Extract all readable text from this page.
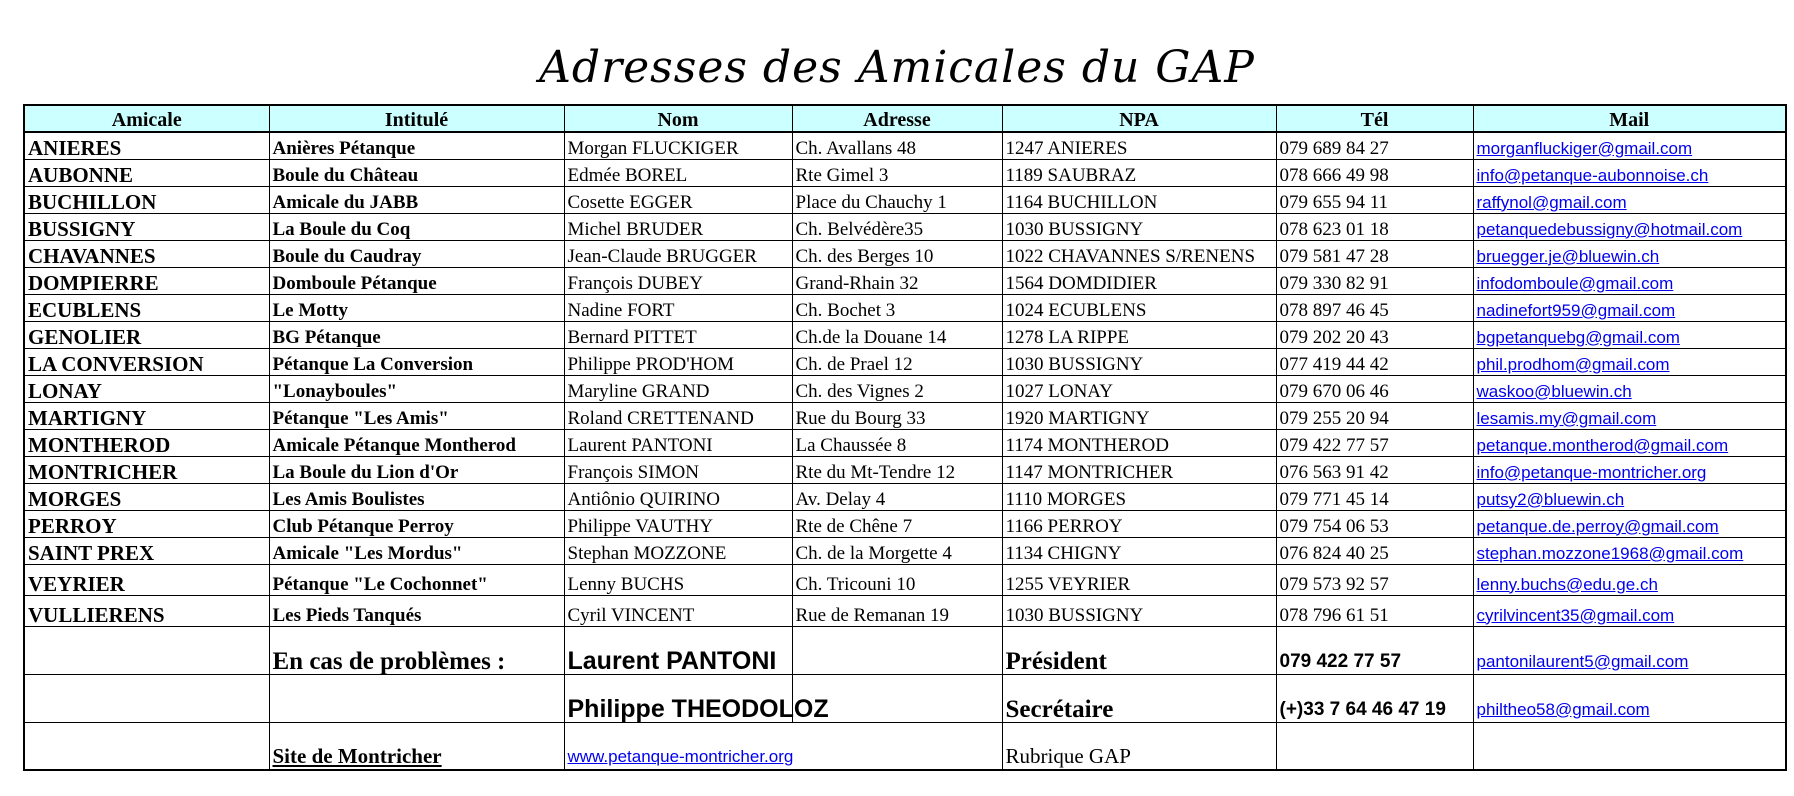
Adresses des Amicales du GAP
Amicale	Intitulé	Nom	Adresse	NPA	Tél	Mail
ANIERES	Anières Pétanque	Morgan FLUCKIGER	Ch. Avallans 48	1247 ANIERES	079 689 84 27	morganfluckiger@gmail.com
AUBONNE	Boule du Château	Edmée BOREL	Rte Gimel 3	1189 SAUBRAZ	078 666 49 98	info@petanque-aubonnoise.ch
BUCHILLON	Amicale du JABB	Cosette EGGER	Place du Chauchy 1	1164 BUCHILLON	079 655 94 11	raffynol@gmail.com
BUSSIGNY	La Boule du Coq	Michel BRUDER	Ch. Belvédère35	1030 BUSSIGNY	078 623 01 18	petanquedebussigny@hotmail.com
CHAVANNES	Boule du Caudray	Jean-Claude BRUGGER	Ch. des Berges 10	1022 CHAVANNES S/RENENS	079 581 47 28	bruegger.je@bluewin.ch
DOMPIERRE	Domboule Pétanque	François DUBEY	Grand-Rhain 32	1564 DOMDIDIER	079 330 82 91	infodomboule@gmail.com
ECUBLENS	Le Motty	Nadine FORT	Ch. Bochet 3	1024 ECUBLENS	078 897 46 45	nadinefort959@gmail.com
GENOLIER	BG Pétanque	Bernard PITTET	Ch.de la Douane 14	1278 LA RIPPE	079 202 20 43	bgpetanquebg@gmail.com
LA CONVERSION	Pétanque La Conversion	Philippe PROD'HOM	Ch. de Prael 12	1030 BUSSIGNY	077 419 44 42	phil.prodhom@gmail.com
LONAY	"Lonayboules"	Maryline GRAND	Ch. des Vignes 2	1027 LONAY	079 670 06 46	waskoo@bluewin.ch
MARTIGNY	Pétanque "Les Amis"	Roland CRETTENAND	Rue du Bourg 33	1920 MARTIGNY	079 255 20 94	lesamis.my@gmail.com
MONTHEROD	Amicale Pétanque Montherod	Laurent PANTONI	La Chaussée 8	1174 MONTHEROD	079 422 77 57	petanque.montherod@gmail.com
MONTRICHER	La Boule du Lion d'Or	François SIMON	Rte du Mt-Tendre 12	1147 MONTRICHER	076 563 91 42	info@petanque-montricher.org
MORGES	Les Amis Boulistes	Antiônio QUIRINO	Av. Delay 4	1110 MORGES	079 771 45 14	putsy2@bluewin.ch
PERROY	Club Pétanque Perroy	Philippe VAUTHY	Rte de Chêne 7	1166 PERROY	079 754 06 53	petanque.de.perroy@gmail.com
SAINT PREX	Amicale "Les Mordus"	Stephan MOZZONE	Ch. de la Morgette 4	1134 CHIGNY	076 824 40 25	stephan.mozzone1968@gmail.com
VEYRIER	Pétanque "Le Cochonnet"	Lenny BUCHS	Ch. Tricouni 10	1255 VEYRIER	079 573 92 57	lenny.buchs@edu.ge.ch
VULLIERENS	Les Pieds Tanqués	Cyril VINCENT	Rue de Remanan 19	1030 BUSSIGNY	078 796 61 51	cyrilvincent35@gmail.com
	En cas de problèmes :	Laurent PANTONI		Président	079 422 77 57	pantonilaurent5@gmail.com
		Philippe THEODOLOZ		Secrétaire	(+)33 7 64 46 47 19	philtheo58@gmail.com
	Site de Montricher	www.petanque-montricher.org		Rubrique GAP		
